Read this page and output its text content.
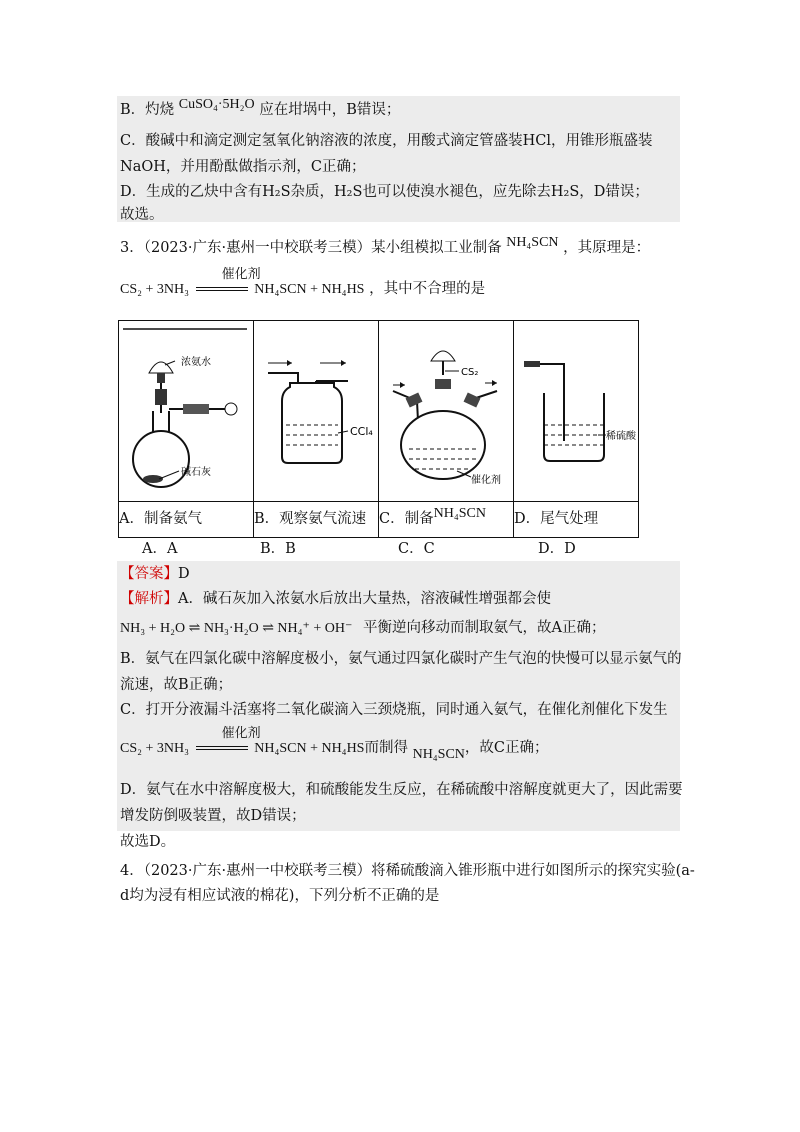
B．灼烧 CuSO₄·5H₂O 应在坩埚中，B错误；
C．酸碱中和滴定测定氢氧化钠溶液的浓度，用酸式滴定管盛装HCl，用锥形瓶盛装
NaOH，并用酚酞做指示剂，C正确；
D．生成的乙炔中含有H₂S杂质，H₂S也可以使溴水褪色，应先除去H₂S，D错误；
故选。
3．（2023·广东·惠州一中校联考三模）某小组模拟工业制备 NH₄SCN ，其原理是：
CS₂ + 3NH₃
催化剂
NH₄SCN + NH₄HS ，其中不合理的是
浓氨水
碱石灰	CCl₄	CS₂
催化剂	稀硫酸

A．制备氨气	B．观察氨气流速	C．制备NH₄SCN	D．尾气处理
A．A	B．B	C．C	D．D
【答案】D
【解析】A．碱石灰加入浓氨水后放出大量热，溶液碱性增强都会使
NH₃ + H₂O ⇌ NH₃·H₂O ⇌ NH₄⁺ + OH⁻ 平衡逆向移动而制取氨气，故A正确；
B．氨气在四氯化碳中溶解度极小，氨气通过四氯化碳时产生气泡的快慢可以显示氨气的
流速，故B正确；
C．打开分液漏斗活塞将二氧化碳滴入三颈烧瓶，同时通入氨气，在催化剂催化下发生
CS₂ + 3NH₃
催化剂
NH₄SCN + NH₄HS而制得 NH₄SCN，故C正确；
D．氨气在水中溶解度极大，和硫酸能发生反应，在稀硫酸中溶解度就更大了，因此需要
增发防倒吸装置，故D错误；
故选D。
4．（2023·广东·惠州一中校联考三模）将稀硫酸滴入锥形瓶中进行如图所示的探究实验(a-
d均为浸有相应试液的棉花)，下列分析不正确的是
